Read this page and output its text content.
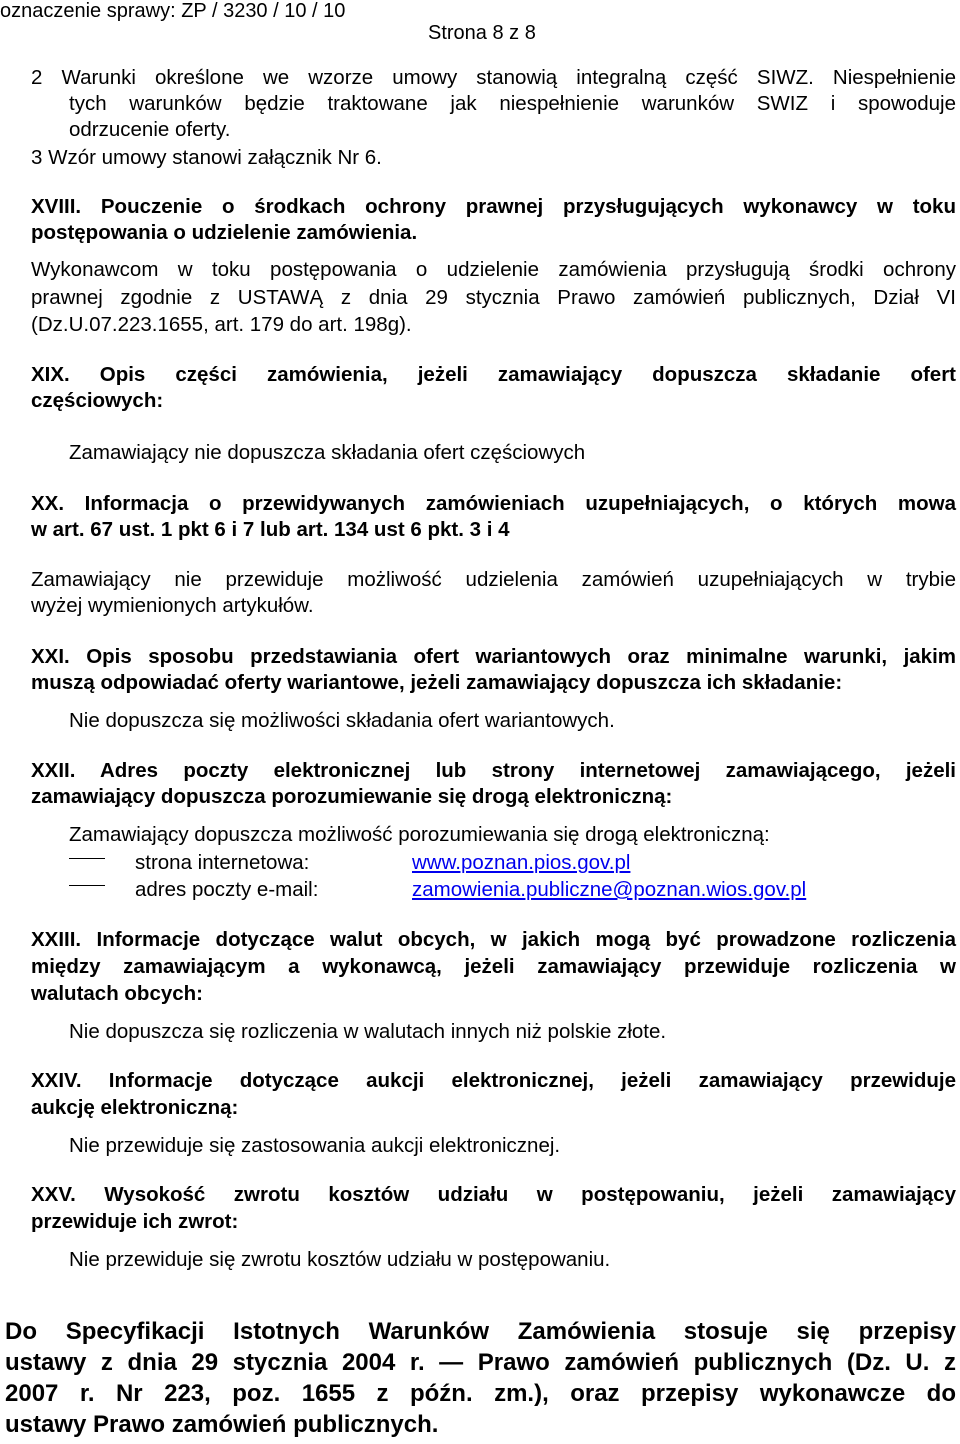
oznaczenie sprawy: ZP / 3230 / 10 / 10
Strona 8 z 8
2 Warunki określone we wzorze umowy stanowią integralną część SIWZ. Niespełnienie
tych warunków będzie traktowane jak niespełnienie warunków SWIZ i spowoduje
odrzucenie oferty.
3 Wzór umowy stanowi załącznik Nr 6.
XVIII. Pouczenie o środkach ochrony prawnej przysługujących wykonawcy w toku
postępowania o udzielenie zamówienia.
Wykonawcom w toku postępowania o udzielenie zamówienia przysługują środki ochrony
prawnej zgodnie z USTAWĄ z dnia 29 stycznia Prawo zamówień publicznych, Dział VI
(Dz.U.07.223.1655, art. 179 do art. 198g).
XIX. Opis części zamówienia, jeżeli zamawiający dopuszcza składanie ofert
częściowych:
Zamawiający nie dopuszcza składania ofert częściowych
XX. Informacja o przewidywanych zamówieniach uzupełniających, o których mowa
w art. 67 ust. 1 pkt 6 i 7 lub art. 134 ust 6 pkt. 3 i 4
Zamawiający nie przewiduje możliwość udzielenia zamówień uzupełniających w trybie
wyżej wymienionych artykułów.
XXI. Opis sposobu przedstawiania ofert wariantowych oraz minimalne warunki, jakim
muszą odpowiadać oferty wariantowe, jeżeli zamawiający dopuszcza ich składanie:
Nie dopuszcza się możliwości składania ofert wariantowych.
XXII. Adres poczty elektronicznej lub strony internetowej zamawiającego, jeżeli
zamawiający dopuszcza porozumiewanie się drogą elektroniczną:
Zamawiający dopuszcza możliwość porozumiewania się drogą elektroniczną:
strona internetowa:	www.poznan.pios.gov.pl
adres poczty e-mail:	zamowienia.publiczne@poznan.wios.gov.pl
XXIII. Informacje dotyczące walut obcych, w jakich mogą być prowadzone rozliczenia
między zamawiającym a wykonawcą, jeżeli zamawiający przewiduje rozliczenia w
walutach obcych:
Nie dopuszcza się rozliczenia w walutach innych niż polskie złote.
XXIV. Informacje dotyczące aukcji elektronicznej, jeżeli zamawiający przewiduje
aukcję elektroniczną:
Nie przewiduje się zastosowania aukcji elektronicznej.
XXV. Wysokość zwrotu kosztów udziału w postępowaniu, jeżeli zamawiający
przewiduje ich zwrot:
Nie przewiduje się zwrotu kosztów udziału w postępowaniu.
Do Specyfikacji Istotnych Warunków Zamówienia stosuje się przepisy
ustawy z dnia 29 stycznia 2004 r. — Prawo zamówień publicznych (Dz. U. z
2007 r. Nr 223, poz. 1655 z późn. zm.), oraz przepisy wykonawcze do
ustawy Prawo zamówień publicznych.
